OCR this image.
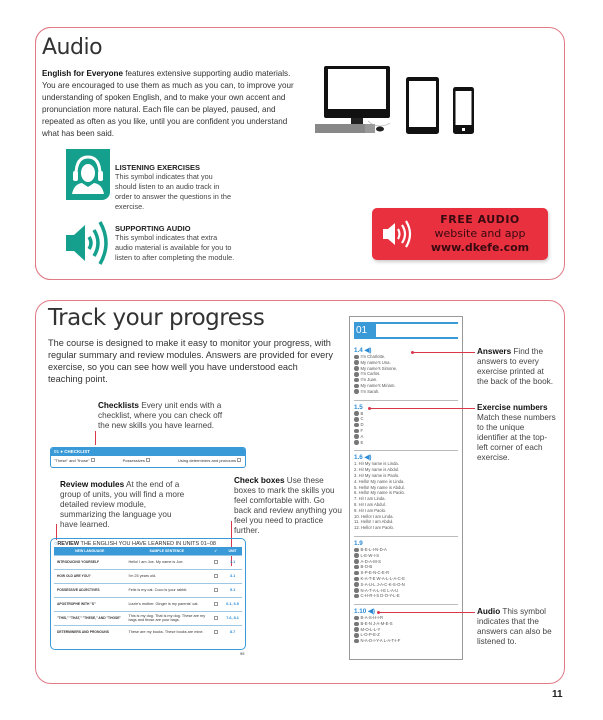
Audio
English for Everyone features extensive supporting audio materials. You are encouraged to use them as much as you can, to improve your understanding of spoken English, and to make your own accent and pronunciation more natural. Each file can be played, paused, and repeated as often as you like, until you are confident you understand what has been said.
LISTENING EXERCISES
This symbol indicates that you should listen to an audio track in order to answer the questions in the exercise.
SUPPORTING AUDIO
This symbol indicates that extra audio material is available for you to listen to after completing the module.
FREE AUDIO
website and app
www.dkefe.com
Track your progress
The course is designed to make it easy to monitor your progress, with regular summary and review modules. Answers are provided for every exercise, so you can see how well you have understood each teaching point.
Checklists Every unit ends with a checklist, where you can check off the new skills you have learned.
01 ● CHECKLIST
"These" and "those"	Possessives	Using determiners and pronouns
Review modules At the end of a group of units, you will find a more detailed review module, summarizing the language you have learned.
Check boxes Use these boxes to mark the skills you feel comfortable with. Go back and review anything you feel you need to practice further.
○REVIEW THE ENGLISH YOU HAVE LEARNED IN UNITS 01–08
NEW LANGUAGE	SAMPLE SENTENCE	✓	UNIT
INTRODUCING YOURSELF	Hello! I am Joe. My name is Joe.		1.1
HOW OLD ARE YOU?	I'm 25 years old.		3.1
POSSESSIVE ADJECTIVES	Felix is my cat. Coco is your rabbit.		5.1
APOSTROPHE WITH "S"	Lizzie's mother. Ginger is my parents' cat.		6.1, 6.5
"THIS," "THAT," "THESE," AND "THOSE"	This is my dog. That is my dog. These are my bags and those are your bags.		7.6, 8.1
DETERMINERS AND PRONOUNS	These are my books. These books are mine.		8.7
95
01
1.4 ◀)
I'm Charlotte.
My name's Una.
My name's Simone.
I'm Carlos.
I'm Juan.
My name's Miriam.
I'm Sarah.
1.5
B
C
D
F
A
E
1.6 ◀)
1. Hi! My name is Linda.
2. Hi! My name is Abdul.
3. Hi! My name is Paolo.
4. Hello! My name is Linda.
5. Hello! My name is Abdul.
6. Hello! My name is Paolo.
7. Hi! I am Linda.
8. Hi! I am Abdul.
9. Hi! I am Paolo.
10. Hello! I am Linda.
11. Hello! I am Abdul.
12. Hello! I am Paolo.
1.9
B-E-L-I-N-D-A
L-E-W-I-S
A-D-A-M-S
B-O-B
S-P-E-N-C-E-R
K-A-T-E W-A-L-L-A-C-E
S-A-U-L J-A-C-K-S-O-N
N-A-T-A-L-I-E L-A-U
C-H-R-I-S D-O-Y-L-E
1.10 ◀)
B-A-S-H-I-R
B-E-N J-A-M-E-S
M-O-L-L-Y
L-O-P-E-Z
N-A-D-I-Y-A L-A-T-I-F
Answers Find the answers to every exercise printed at the back of the book.
Exercise numbers Match these numbers to the unique identifier at the top-left corner of each exercise.
Audio This symbol indicates that the answers can also be listened to.
11
